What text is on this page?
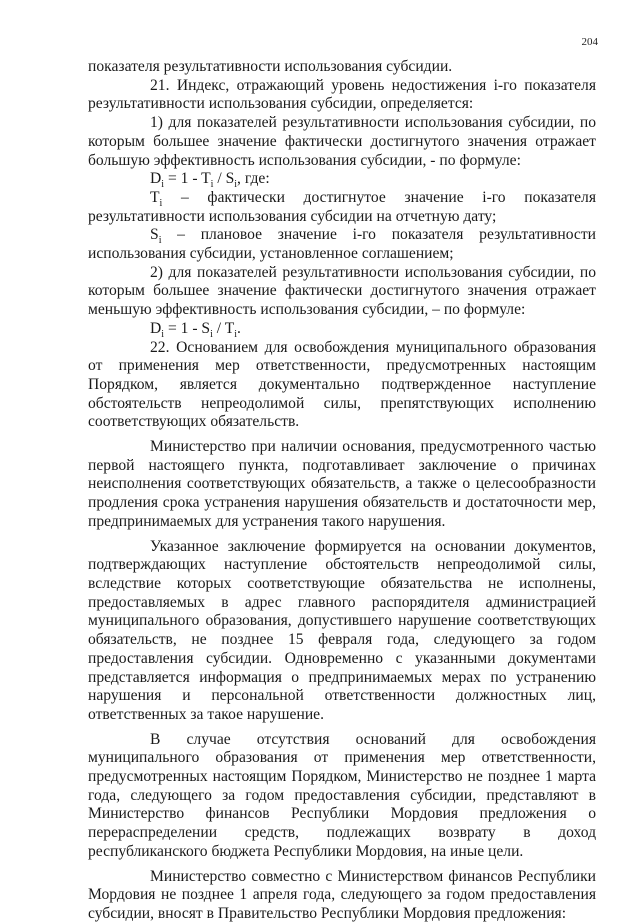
204

показателя результативности использования субсидии.

21. Индекс, отражающий уровень недостижения i-го показателя результативности использования субсидии, определяется:

1) для показателей результативности использования субсидии, по которым большее значение фактически достигнутого значения отражает большую эффективность использования субсидии, - по формуле:

$D_i = 1 - T_i / S_i$, где:

$T_i$ – фактически достигнутое значение i-го показателя результативности использования субсидии на отчетную дату;

$S_i$ – плановое значение i-го показателя результативности использования субсидии, установленное соглашением;

2) для показателей результативности использования субсидии, по которым большее значение фактически достигнутого значения отражает меньшую эффективность использования субсидии, – по формуле:

$D_i = 1 - S_i / T_i$.

22. Основанием для освобождения муниципального образования от применения мер ответственности, предусмотренных настоящим Порядком, является документально подтвержденное наступление обстоятельств непреодолимой силы, препятствующих исполнению соответствующих обязательств.

Министерство при наличии основания, предусмотренного частью первой настоящего пункта, подготавливает заключение о причинах неисполнения соответствующих обязательств, а также о целесообразности продления срока устранения нарушения обязательств и достаточности мер, предпринимаемых для устранения такого нарушения.

Указанное заключение формируется на основании документов, подтверждающих наступление обстоятельств непреодолимой силы, вследствие которых соответствующие обязательства не исполнены, предоставляемых в адрес главного распорядителя администрацией муниципального образования, допустившего нарушение соответствующих обязательств, не позднее 15 февраля года, следующего за годом предоставления субсидии. Одновременно с указанными документами представляется информация о предпринимаемых мерах по устранению нарушения и персональной ответственности должностных лиц, ответственных за такое нарушение.

В случае отсутствия оснований для освобождения муниципального образования от применения мер ответственности, предусмотренных настоящим Порядком, Министерство не позднее 1 марта года, следующего за годом предоставления субсидии, представляют в Министерство финансов Республики Мордовия предложения о перераспределении средств, подлежащих возврату в доход республиканского бюджета Республики Мордовия, на иные цели.

Министерство совместно с Министерством финансов Республики Мордовия не позднее 1 апреля года, следующего за годом предоставления субсидии, вносят в Правительство Республики Мордовия предложения:
